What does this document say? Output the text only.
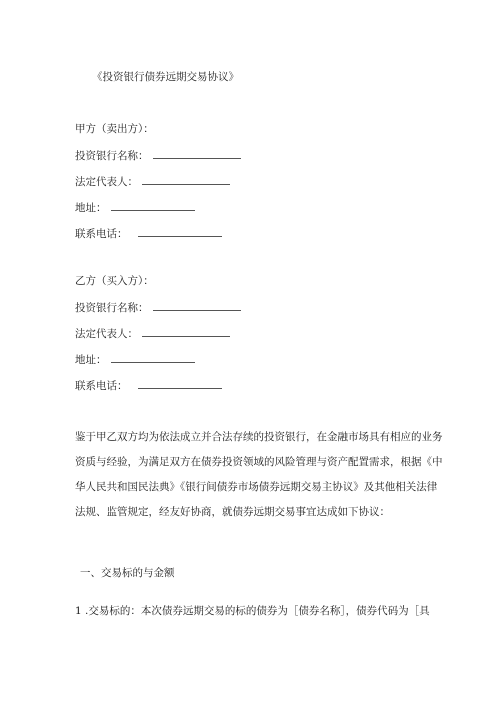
《投资银行债券远期交易协议》
甲方（卖出方）：
投资银行名称：
法定代表人：
地址：
联系电话：
乙方（买入方）：
投资银行名称：
法定代表人：
地址：
联系电话：
鉴于甲乙双方均为依法成立并合法存续的投资银行，在金融市场具有相应的业务
资质与经验，为满足双方在债券投资领域的风险管理与资产配置需求，根据《中
华人民共和国民法典》《银行间债券市场债券远期交易主协议》及其他相关法律
法规、监管规定，经友好协商，就债券远期交易事宜达成如下协议：
一、交易标的与金额
1 .交易标的：本次债券远期交易的标的债券为［债券名称］，债券代码为［具
